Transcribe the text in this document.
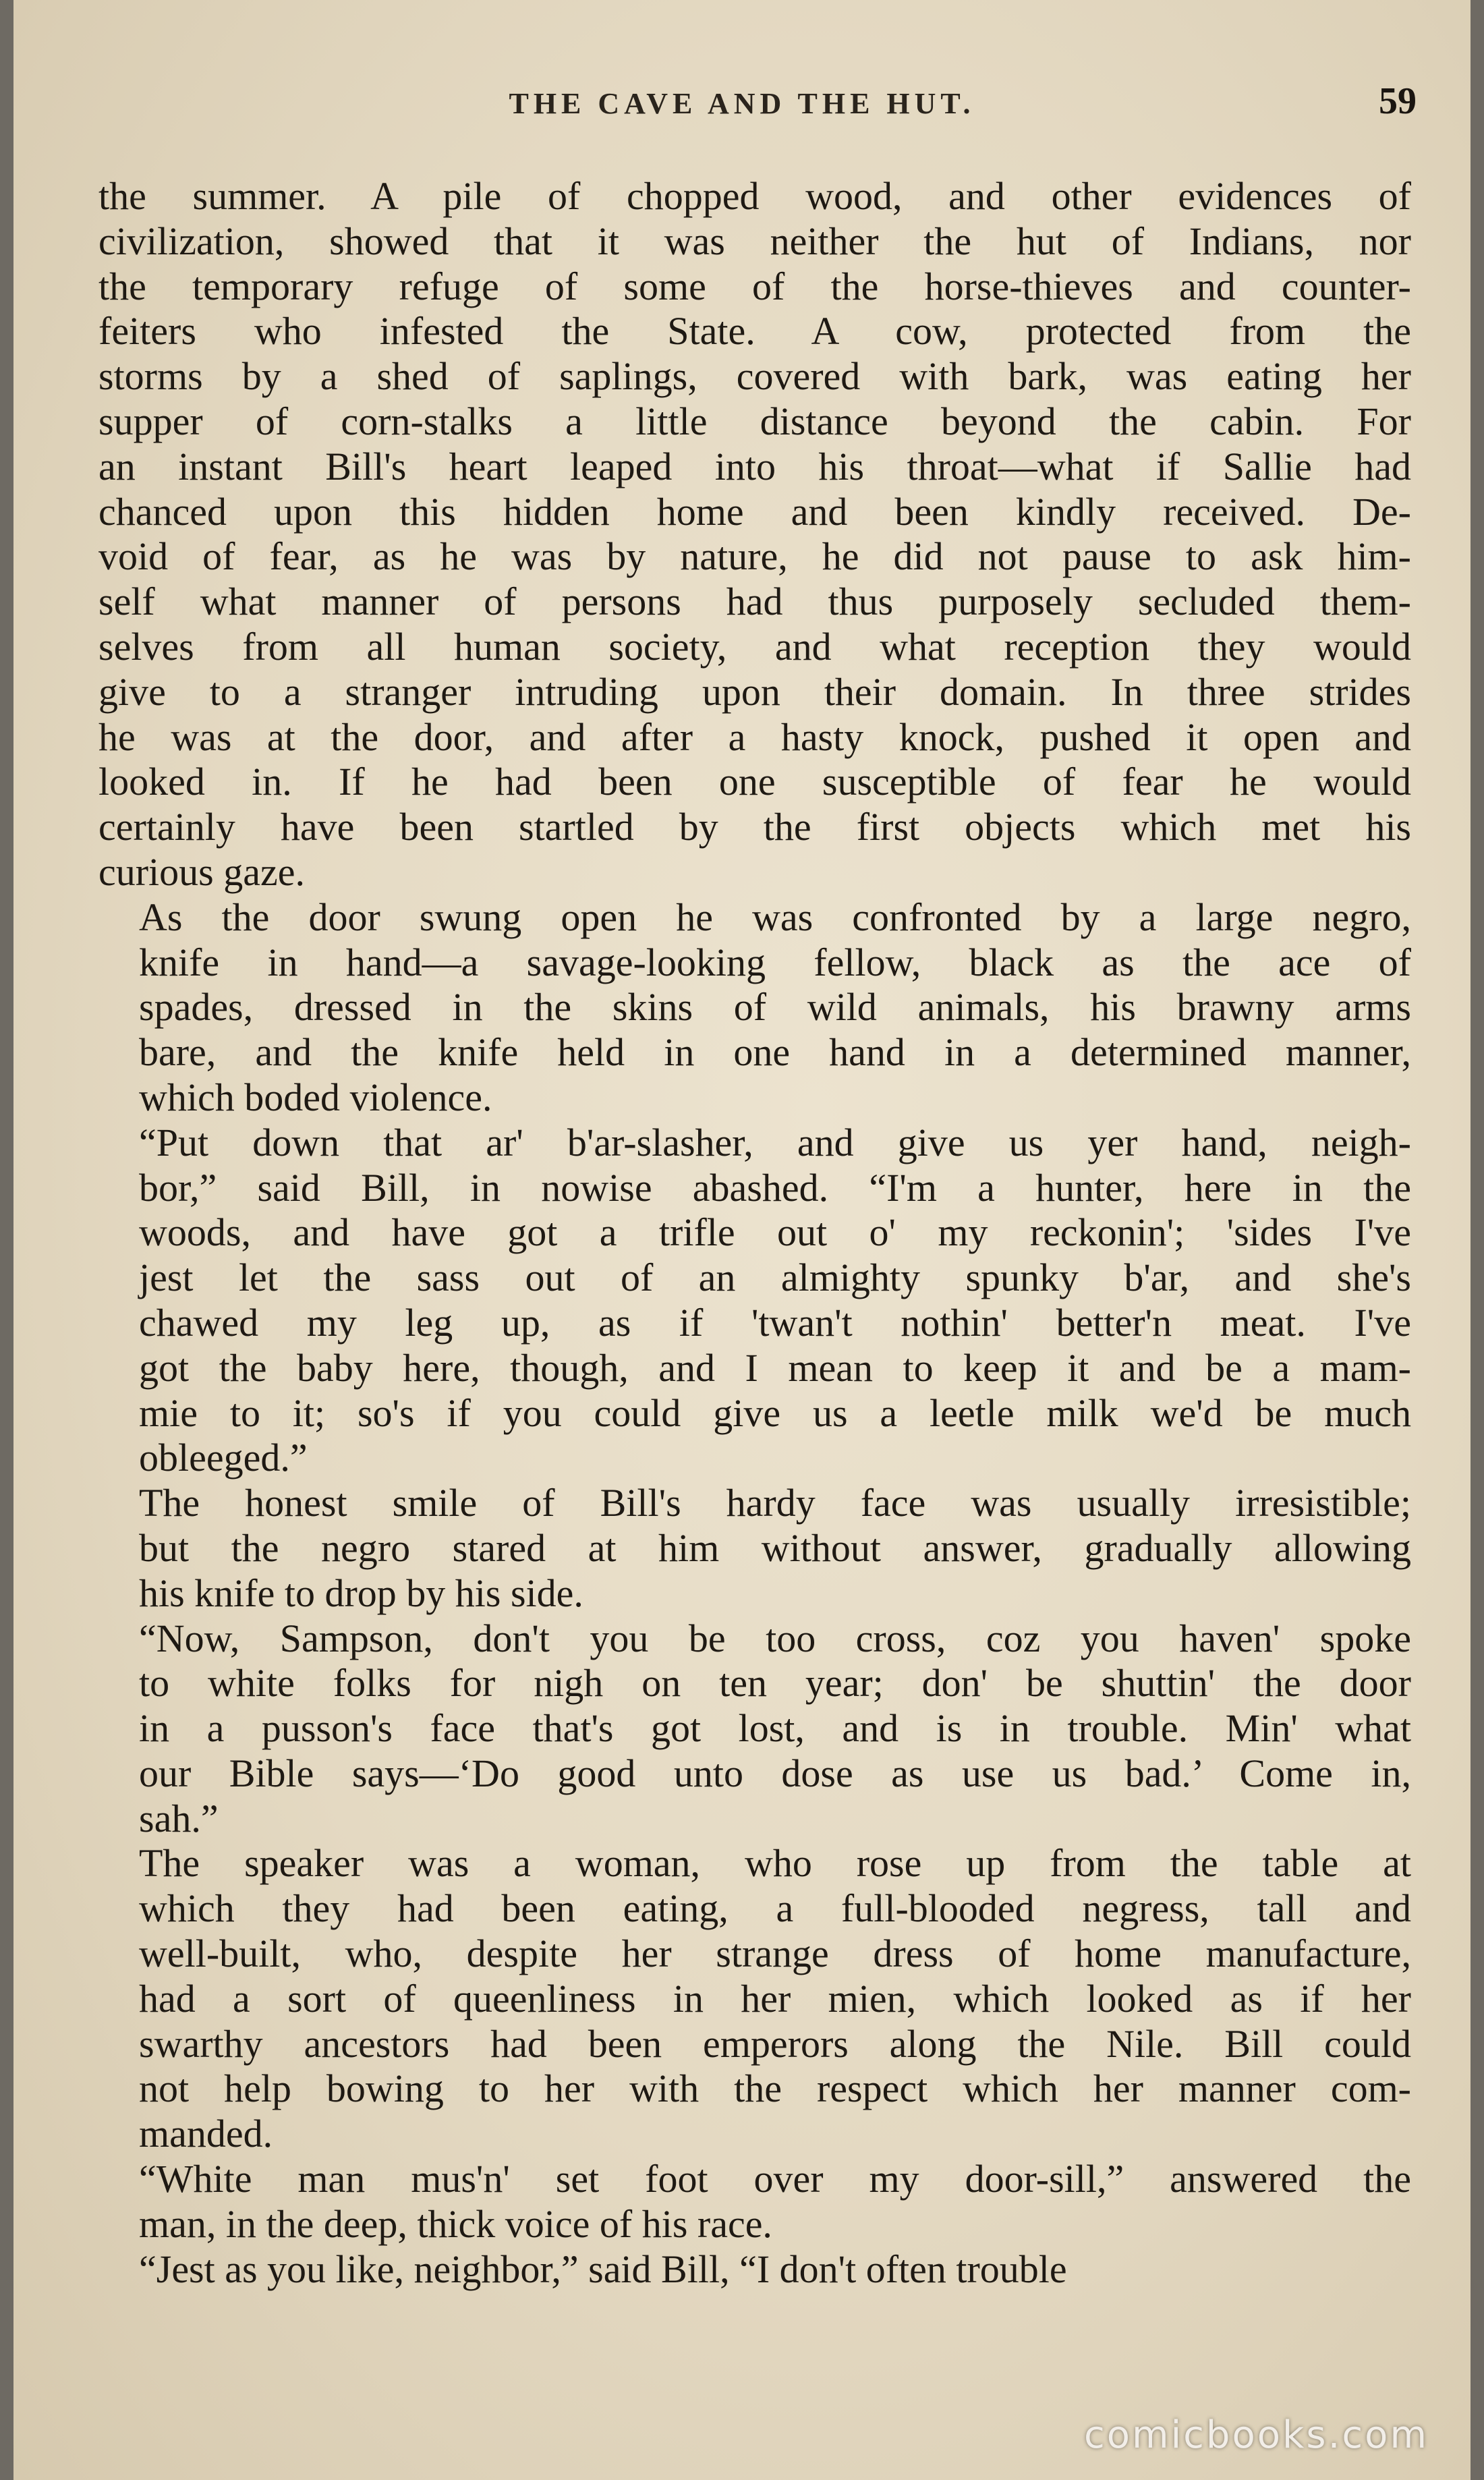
THE CAVE AND THE HUT.	59

the summer. A pile of chopped wood, and other evidences of
civilization, showed that it was neither the hut of Indians, nor
the temporary refuge of some of the horse-thieves and counter-
feiters who infested the State. A cow, protected from the
storms by a shed of saplings, covered with bark, was eating her
supper of corn-stalks a little distance beyond the cabin. For
an instant Bill's heart leaped into his throat—what if Sallie had
chanced upon this hidden home and been kindly received. De-
void of fear, as he was by nature, he did not pause to ask him-
self what manner of persons had thus purposely secluded them-
selves from all human society, and what reception they would
give to a stranger intruding upon their domain. In three strides
he was at the door, and after a hasty knock, pushed it open and
looked in. If he had been one susceptible of fear he would
certainly have been startled by the first objects which met his
curious gaze.

As the door swung open he was confronted by a large negro,
knife in hand—a savage-looking fellow, black as the ace of
spades, dressed in the skins of wild animals, his brawny arms
bare, and the knife held in one hand in a determined manner,
which boded violence.

“Put down that ar' b'ar-slasher, and give us yer hand, neigh-
bor,” said Bill, in nowise abashed. “I'm a hunter, here in the
woods, and have got a trifle out o' my reckonin'; 'sides I've
jest let the sass out of an almighty spunky b'ar, and she's
chawed my leg up, as if 'twan't nothin' better'n meat. I've
got the baby here, though, and I mean to keep it and be a mam-
mie to it; so's if you could give us a leetle milk we'd be much
obleeged.”

The honest smile of Bill's hardy face was usually irresistible;
but the negro stared at him without answer, gradually allowing
his knife to drop by his side.

“Now, Sampson, don't you be too cross, coz you haven' spoke
to white folks for nigh on ten year; don' be shuttin' the door
in a pusson's face that's got lost, and is in trouble. Min' what
our Bible says—‘Do good unto dose as use us bad.’ Come in,
sah.”

The speaker was a woman, who rose up from the table at
which they had been eating, a full-blooded negress, tall and
well-built, who, despite her strange dress of home manufacture,
had a sort of queenliness in her mien, which looked as if her
swarthy ancestors had been emperors along the Nile. Bill could
not help bowing to her with the respect which her manner com-
manded.

“White man mus'n' set foot over my door-sill,” answered the
man, in the deep, thick voice of his race.

“Jest as you like, neighbor,” said Bill, “I don't often trouble

comicbooks.com
